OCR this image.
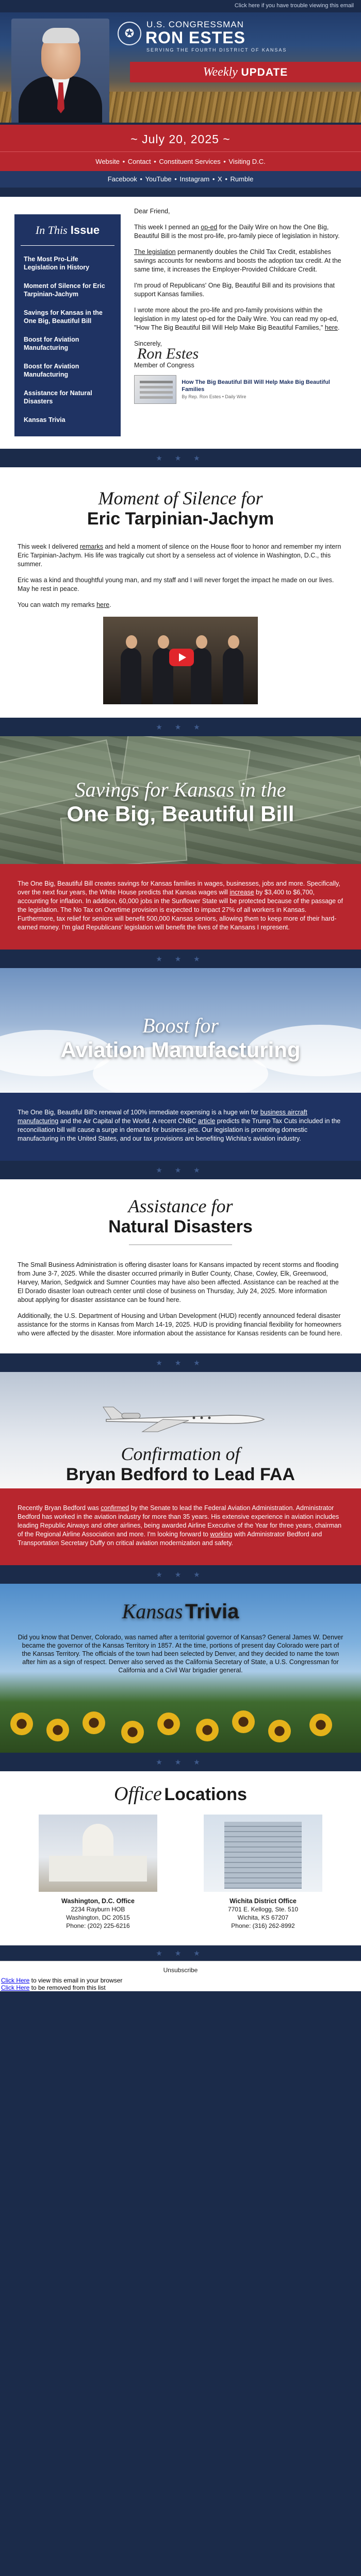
Click here if you have trouble viewing this email
✪
U.S. CONGRESSMAN
RON ESTES
SERVING THE FOURTH DISTRICT OF KANSAS
Weekly UPDATE
~ July 20, 2025 ~
Website • Contact • Constituent Services • Visiting D.C.
Facebook • YouTube • Instagram • X • Rumble
In This Issue
The Most Pro-Life Legislation in History
Moment of Silence for Eric Tarpinian-Jachym
Savings for Kansas in the One Big, Beautiful Bill
Boost for Aviation Manufacturing
Boost for Aviation Manufacturing
Assistance for Natural Disasters
Kansas Trivia

Dear Friend,

This week I penned an op-ed for the Daily Wire on how the One Big, Beautiful Bill is the most pro-life, pro-family piece of legislation in history.

The legislation permanently doubles the Child Tax Credit, establishes savings accounts for newborns and boosts the adoption tax credit. At the same time, it increases the Employer-Provided Childcare Credit.

I'm proud of Republicans' One Big, Beautiful Bill and its provisions that support Kansas families.

I wrote more about the pro-life and pro-family provisions within the legislation in my latest op-ed for the Daily Wire. You can read my op-ed, "How The Big Beautiful Bill Will Help Make Big Beautiful Families," here.

Sincerely,

Ron Estes

Member of Congress

How The Big Beautiful Bill Will Help Make Big Beautiful Families
By Rep. Ron Estes • Daily Wire
★ ★ ★
Moment of Silence for
Eric Tarpinian-Jachym

This week I delivered remarks and held a moment of silence on the House floor to honor and remember my intern Eric Tarpinian-Jachym. His life was tragically cut short by a senseless act of violence in Washington, D.C., this summer.

Eric was a kind and thoughtful young man, and my staff and I will never forget the impact he made on our lives. May he rest in peace.

You can watch my remarks here.

★ ★ ★
Savings for Kansas in the
One Big, Beautiful Bill

The One Big, Beautiful Bill creates savings for Kansas families in wages, businesses, jobs and more. Specifically, over the next four years, the White House predicts that Kansas wages will increase by $3,400 to $6,700, accounting for inflation. In addition, 60,000 jobs in the Sunflower State will be protected because of the passage of the legislation. The No Tax on Overtime provision is expected to impact 27% of all workers in Kansas. Furthermore, tax relief for seniors will benefit 500,000 Kansas seniors, allowing them to keep more of their hard-earned money. I'm glad Republicans' legislation will benefit the lives of the Kansans I represent.

★ ★ ★
Boost for
Aviation Manufacturing

The One Big, Beautiful Bill's renewal of 100% immediate expensing is a huge win for business aircraft manufacturing and the Air Capital of the World. A recent CNBC article predicts the Trump Tax Cuts included in the reconciliation bill will cause a surge in demand for business jets. Our legislation is promoting domestic manufacturing in the United States, and our tax provisions are benefiting Wichita's aviation industry.

★ ★ ★
Assistance for
Natural Disasters

The Small Business Administration is offering disaster loans for Kansans impacted by recent storms and flooding from June 3-7, 2025. While the disaster occurred primarily in Butler County, Chase, Cowley, Elk, Greenwood, Harvey, Marion, Sedgwick and Sumner Counties may have also been affected. Assistance can be reached at the El Dorado disaster loan outreach center until close of business on Thursday, July 24, 2025. More information about applying for disaster assistance can be found here.

Additionally, the U.S. Department of Housing and Urban Development (HUD) recently announced federal disaster assistance for the storms in Kansas from March 14-19, 2025. HUD is providing financial flexibility for homeowners who were affected by the disaster. More information about the assistance for Kansas residents can be found here.

★ ★ ★
Confirmation of
Bryan Bedford to Lead FAA

Recently Bryan Bedford was confirmed by the Senate to lead the Federal Aviation Administration. Administrator Bedford has worked in the aviation industry for more than 35 years. His extensive experience in aviation includes leading Republic Airways and other airlines, being awarded Airline Executive of the Year for three years, chairman of the Regional Airline Association and more. I'm looking forward to working with Administrator Bedford and Transportation Secretary Duffy on critical aviation modernization and safety.

★ ★ ★
Kansas Trivia
Did you know that Denver, Colorado, was named after a territorial governor of Kansas? General James W. Denver became the governor of the Kansas Territory in 1857. At the time, portions of present day Colorado were part of the Kansas Territory. The officials of the town had been selected by Denver, and they decided to name the town after him as a sign of respect. Denver also served as the California Secretary of State, a U.S. Congressman for California and a Civil War brigadier general.
★ ★ ★
Office Locations
Washington, D.C. Office
2234 Rayburn HOB
Washington, DC 20515
Phone: (202) 225-6216
Wichita District Office
7701 E. Kellogg, Ste. 510
Wichita, KS 67207
Phone: (316) 262-8992
★ ★ ★
Unsubscribe
Click Here to view this email in your browser
Click Here to be removed from this list
